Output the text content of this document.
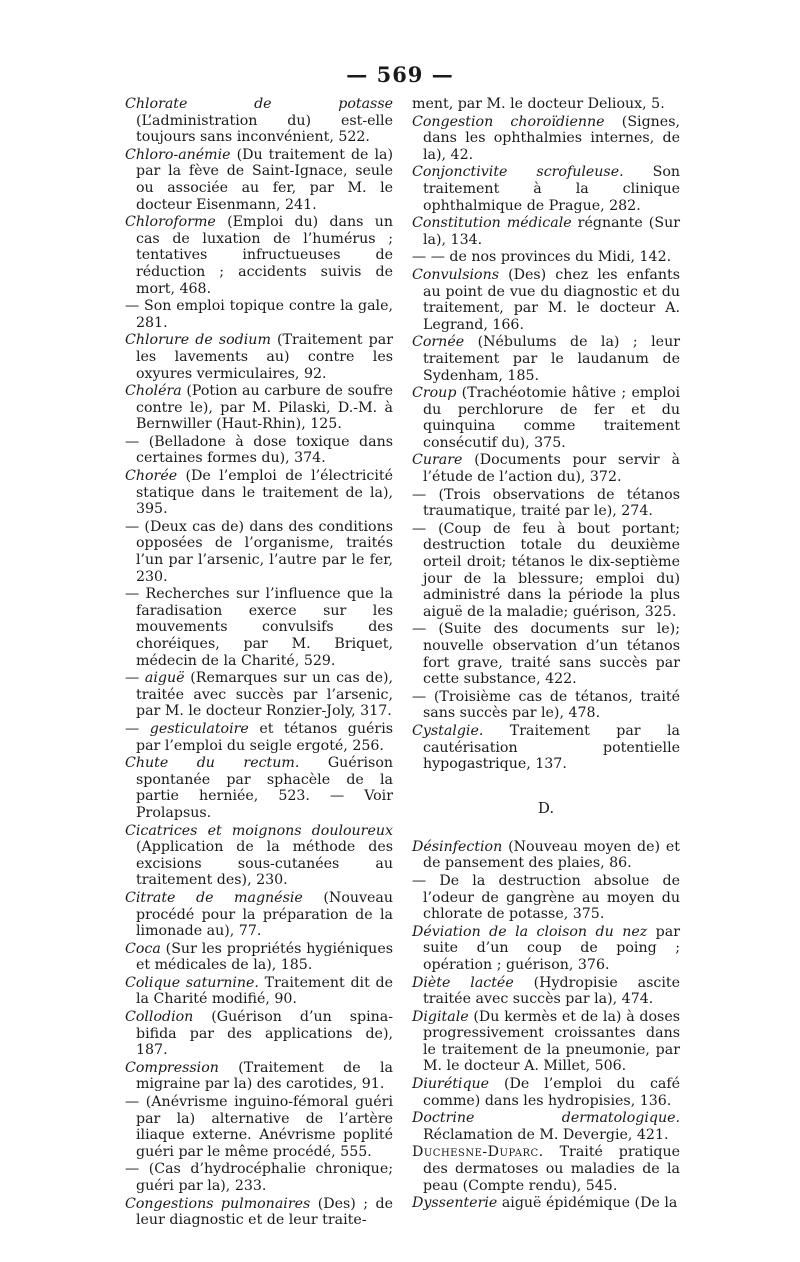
— 569 —

Chlorate de potasse (L’administration du) est-elle toujours sans inconvénient, 522.

Chloro-anémie (Du traitement de la) par la fève de Saint-Ignace, seule ou associée au fer, par M. le docteur Eisenmann, 241.

Chloroforme (Emploi du) dans un cas de luxation de l’humérus ; tentatives infructueuses de réduction ; accidents suivis de mort, 468.

— Son emploi topique contre la gale, 281.

Chlorure de sodium (Traitement par les lavements au) contre les oxyures vermiculaires, 92.

Choléra (Potion au carbure de soufre contre le), par M. Pilaski, D.-M. à Bernwiller (Haut-Rhin), 125.

— (Belladone à dose toxique dans certaines formes du), 374.

Chorée (De l’emploi de l’électricité statique dans le traitement de la), 395.

— (Deux cas de) dans des conditions opposées de l’organisme, traités l’un par l’arsenic, l’autre par le fer, 230.

— Recherches sur l’influence que la faradisation exerce sur les mouvements convulsifs des choréiques, par M. Briquet, médecin de la Charité, 529.

— aiguë (Remarques sur un cas de), traitée avec succès par l’arsenic, par M. le docteur Ronzier-Joly, 317.

— gesticulatoire et tétanos guéris par l’emploi du seigle ergoté, 256.

Chute du rectum. Guérison spontanée par sphacèle de la partie herniée, 523. — Voir Prolapsus.

Cicatrices et moignons douloureux (Application de la méthode des excisions sous-cutanées au traitement des), 230.

Citrate de magnésie (Nouveau procédé pour la préparation de la limonade au), 77.

Coca (Sur les propriétés hygiéniques et médicales de la), 185.

Colique saturnine. Traitement dit de la Charité modifié, 90.

Collodion (Guérison d’un spina-bifida par des applications de), 187.

Compression (Traitement de la migraine par la) des carotides, 91.

— (Anévrisme inguino-fémoral guéri par la) alternative de l’artère iliaque externe. Anévrisme poplité guéri par le même procédé, 555.

— (Cas d’hydrocéphalie chronique; guéri par la), 233.

Congestions pulmonaires (Des) ; de leur diagnostic et de leur traite-

ment, par M. le docteur Delioux, 5.

Congestion choroïdienne (Signes, dans les ophthalmies internes, de la), 42.

Conjonctivite scrofuleuse. Son traitement à la clinique ophthalmique de Prague, 282.

Constitution médicale régnante (Sur la), 134.

— — de nos provinces du Midi, 142.

Convulsions (Des) chez les enfants au point de vue du diagnostic et du traitement, par M. le docteur A. Legrand, 166.

Cornée (Nébulums de la) ; leur traitement par le laudanum de Sydenham, 185.

Croup (Trachéotomie hâtive ; emploi du perchlorure de fer et du quinquina comme traitement consécutif du), 375.

Curare (Documents pour servir à l’étude de l’action du), 372.

— (Trois observations de tétanos traumatique, traité par le), 274.

— (Coup de feu à bout portant; destruction totale du deuxième orteil droit; tétanos le dix-septième jour de la blessure; emploi du) administré dans la période la plus aiguë de la maladie; guérison, 325.

— (Suite des documents sur le); nouvelle observation d’un tétanos fort grave, traité sans succès par cette substance, 422.

— (Troisième cas de tétanos, traité sans succès par le), 478.

Cystalgie. Traitement par la cautérisation potentielle hypogastrique, 137.

D.

Désinfection (Nouveau moyen de) et de pansement des plaies, 86.

— De la destruction absolue de l’odeur de gangrène au moyen du chlorate de potasse, 375.

Déviation de la cloison du nez par suite d’un coup de poing ; opération ; guérison, 376.

Diète lactée (Hydropisie ascite traitée avec succès par la), 474.

Digitale (Du kermès et de la) à doses progressivement croissantes dans le traitement de la pneumonie, par M. le docteur A. Millet, 506.

Diurétique (De l’emploi du café comme) dans les hydropisies, 136.

Doctrine dermatologique. Réclamation de M. Devergie, 421.

Duchesne-Duparc. Traité pratique des dermatoses ou maladies de la peau (Compte rendu), 545.

Dyssenterie aiguë épidémique (De la
